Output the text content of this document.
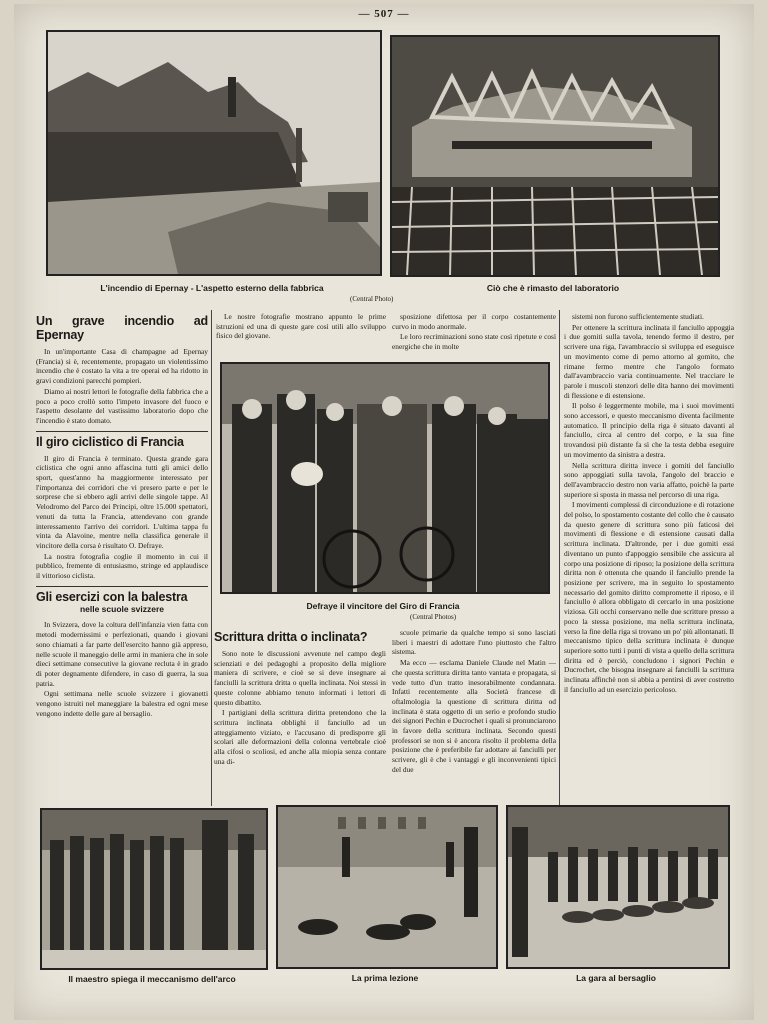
— 507 —
L'incendio di Epernay - L'aspetto esterno della fabbrica
(Central Photo)
Ciò che è rimasto del laboratorio
Un grave incendio ad Epernay

In un'importante Casa di champagne ad Epernay (Francia) si è, recentemente, propagato un violentissimo incendio che è costato la vita a tre operai ed ha ridotto in gravi condizioni parecchi pompieri.

Diamo ai nostri lettori le fotografie della fabbrica che a poco a poco crollò sotto l'impeto invasore del fuoco e l'aspetto desolante del vastissimo laboratorio dopo che l'incendio è stato domato.

Il giro ciclistico di Francia

Il giro di Francia è terminato. Questa grande gara ciclistica che ogni anno affascina tutti gli amici dello sport, quest'anno ha maggiormente interessato per l'importanza dei corridori che vi presero parte e per le sorprese che si ebbero agli arrivi delle singole tappe. Al Velodromo del Parco dei Principi, oltre 15.000 spettatori, venuti da tutta la Francia, attendevano con grande interessamento l'arrivo dei corridori. L'ultima tappa fu vinta da Alavoine, mentre nella classifica generale il vincitore della corsa è risultato O. Defraye.

La nostra fotografia coglie il momento in cui il pubblico, fremente di entusiasmo, stringe ed applaudisce il vittorioso ciclista.

Gli esercizi con la balestra
nelle scuole svizzere

In Svizzera, dove la coltura dell'infanzia vien fatta con metodi modernissimi e perfezionati, quando i giovani sono chiamati a far parte dell'esercito hanno già appreso, nelle scuole il maneggio delle armi in maniera che in sole dieci settimane consecutive la giovane recluta è in grado di poter degnamente difendere, in caso di guerra, la sua patria.

Ogni settimana nelle scuole svizzere i giovanetti vengono istruiti nel maneggiare la balestra ed ogni mese vengono indette delle gare al bersaglio.

Le nostre fotografie mostrano appunto le prime istruzioni ed una di queste gare così utili allo sviluppo fisico del giovane.

sposizione difettosa per il corpo costantemente curvo in modo anormale.

Le loro recriminazioni sono state così ripetute e così energiche che in molte

Defraye il vincitore del Giro di Francia
(Central Photos)
Scrittura dritta o inclinata?

Sono note le discussioni avvenute nel campo degli scienziati e dei pedagoghi a proposito della migliore maniera di scrivere, e cioè se si deve insegnare ai fanciulli la scrittura dritta o quella inclinata. Noi stessi in queste colonne abbiamo tenuto informati i lettori di questo dibattito.

I partigiani della scrittura diritta pretendono che la scrittura inclinata obblighi il fanciullo ad un atteggiamento viziato, e l'accusano di predisporre gli scolari alle deformazioni della colonna vertebrale cioè alla cifosi o scoliosi, ed anche alla miopia senza contare una di-

scuole primarie da qualche tempo si sono lasciati liberi i maestri di adottare l'uno piuttosto che l'altro sistema.

Ma ecco — esclama Daniele Claude nel Matin — che questa scrittura diritta tanto vantata e propagata, si vede tutto d'un tratto inesorabilmente condannata. Infatti recentemente alla Società francese di oftalmologia la questione di scrittura diritta od inclinata è stata oggetto di un serio e profondo studio dei signori Pechin e Ducrochet i quali si pronunciarono in favore della scrittura inclinata. Secondo questi professori se non si è ancora risolto il problema della posizione che è preferibile far adottare ai fanciulli per scrivere, gli è che i vantaggi e gli inconvenienti tipici del due

sistemi non furono sufficientemente studiati.

Per ottenere la scrittura inclinata il fanciullo appoggia i due gomiti sulla tavola, tenendo fermo il destro, per scrivere una riga, l'avambraccio si sviluppa ed eseguisce un movimento come di perno attorno al gomito, che rimane fermo mentre che l'angolo formato dall'avambraccio varia continuamente. Nel tracciare le parole i muscoli stenzori delle dita hanno dei movimenti di flessione e di estensione.

Il polso è leggermente mobile, ma i suoi movimenti sono accessori, e questo meccanismo diventa facilmente automatico. Il principio della riga è situato davanti al fanciullo, circa al centro del corpo, e la sua fine trovandosi più distante fa sì che la testa debba eseguire un movimento da sinistra a destra.

Nella scrittura diritta invece i gomiti del fanciullo sono appoggiati sulla tavola, l'angolo del braccio e dell'avambraccio destro non varia affatto, poichè la parte superiore si sposta in massa nel percorso di una riga.

I movimenti complessi di circonduzione e di rotazione del polso, lo spostamento costante del collo che è causato da questo genere di scrittura sono più faticosi dei movimenti di flessione e di estensione causati dalla scrittura inclinata. D'altronde, per i due gomiti essi diventano un punto d'appoggio sensibile che assicura al corpo una posizione di riposo; la posizione della scrittura diritta non è ottenuta che quando il fanciullo prende la posizione per scrivere, ma in seguito lo spostamento necessario del gomito diritto compromette il riposo, e il fanciullo è allora obbligato di cercarlo in una posizione viziosa. Gli occhi conservano nelle due scritture presso a poco la stessa posizione, ma nella scrittura inclinata, verso la fine della riga si trovano un po' più allontanati. Il meccanismo tipico della scrittura inclinata è dunque superiore sotto tutti i punti di vista a quello della scrittura diritta ed è perciò, concludono i signori Pechin e Ducrochet, che bisogna insegnare ai fanciulli la scrittura inclinata affinchè non si abbia a pentirsi di aver costretto il fanciullo ad un esercizio pericoloso.

Il maestro spiega il meccanismo dell'arco	La prima lezione	La gara al bersaglio
